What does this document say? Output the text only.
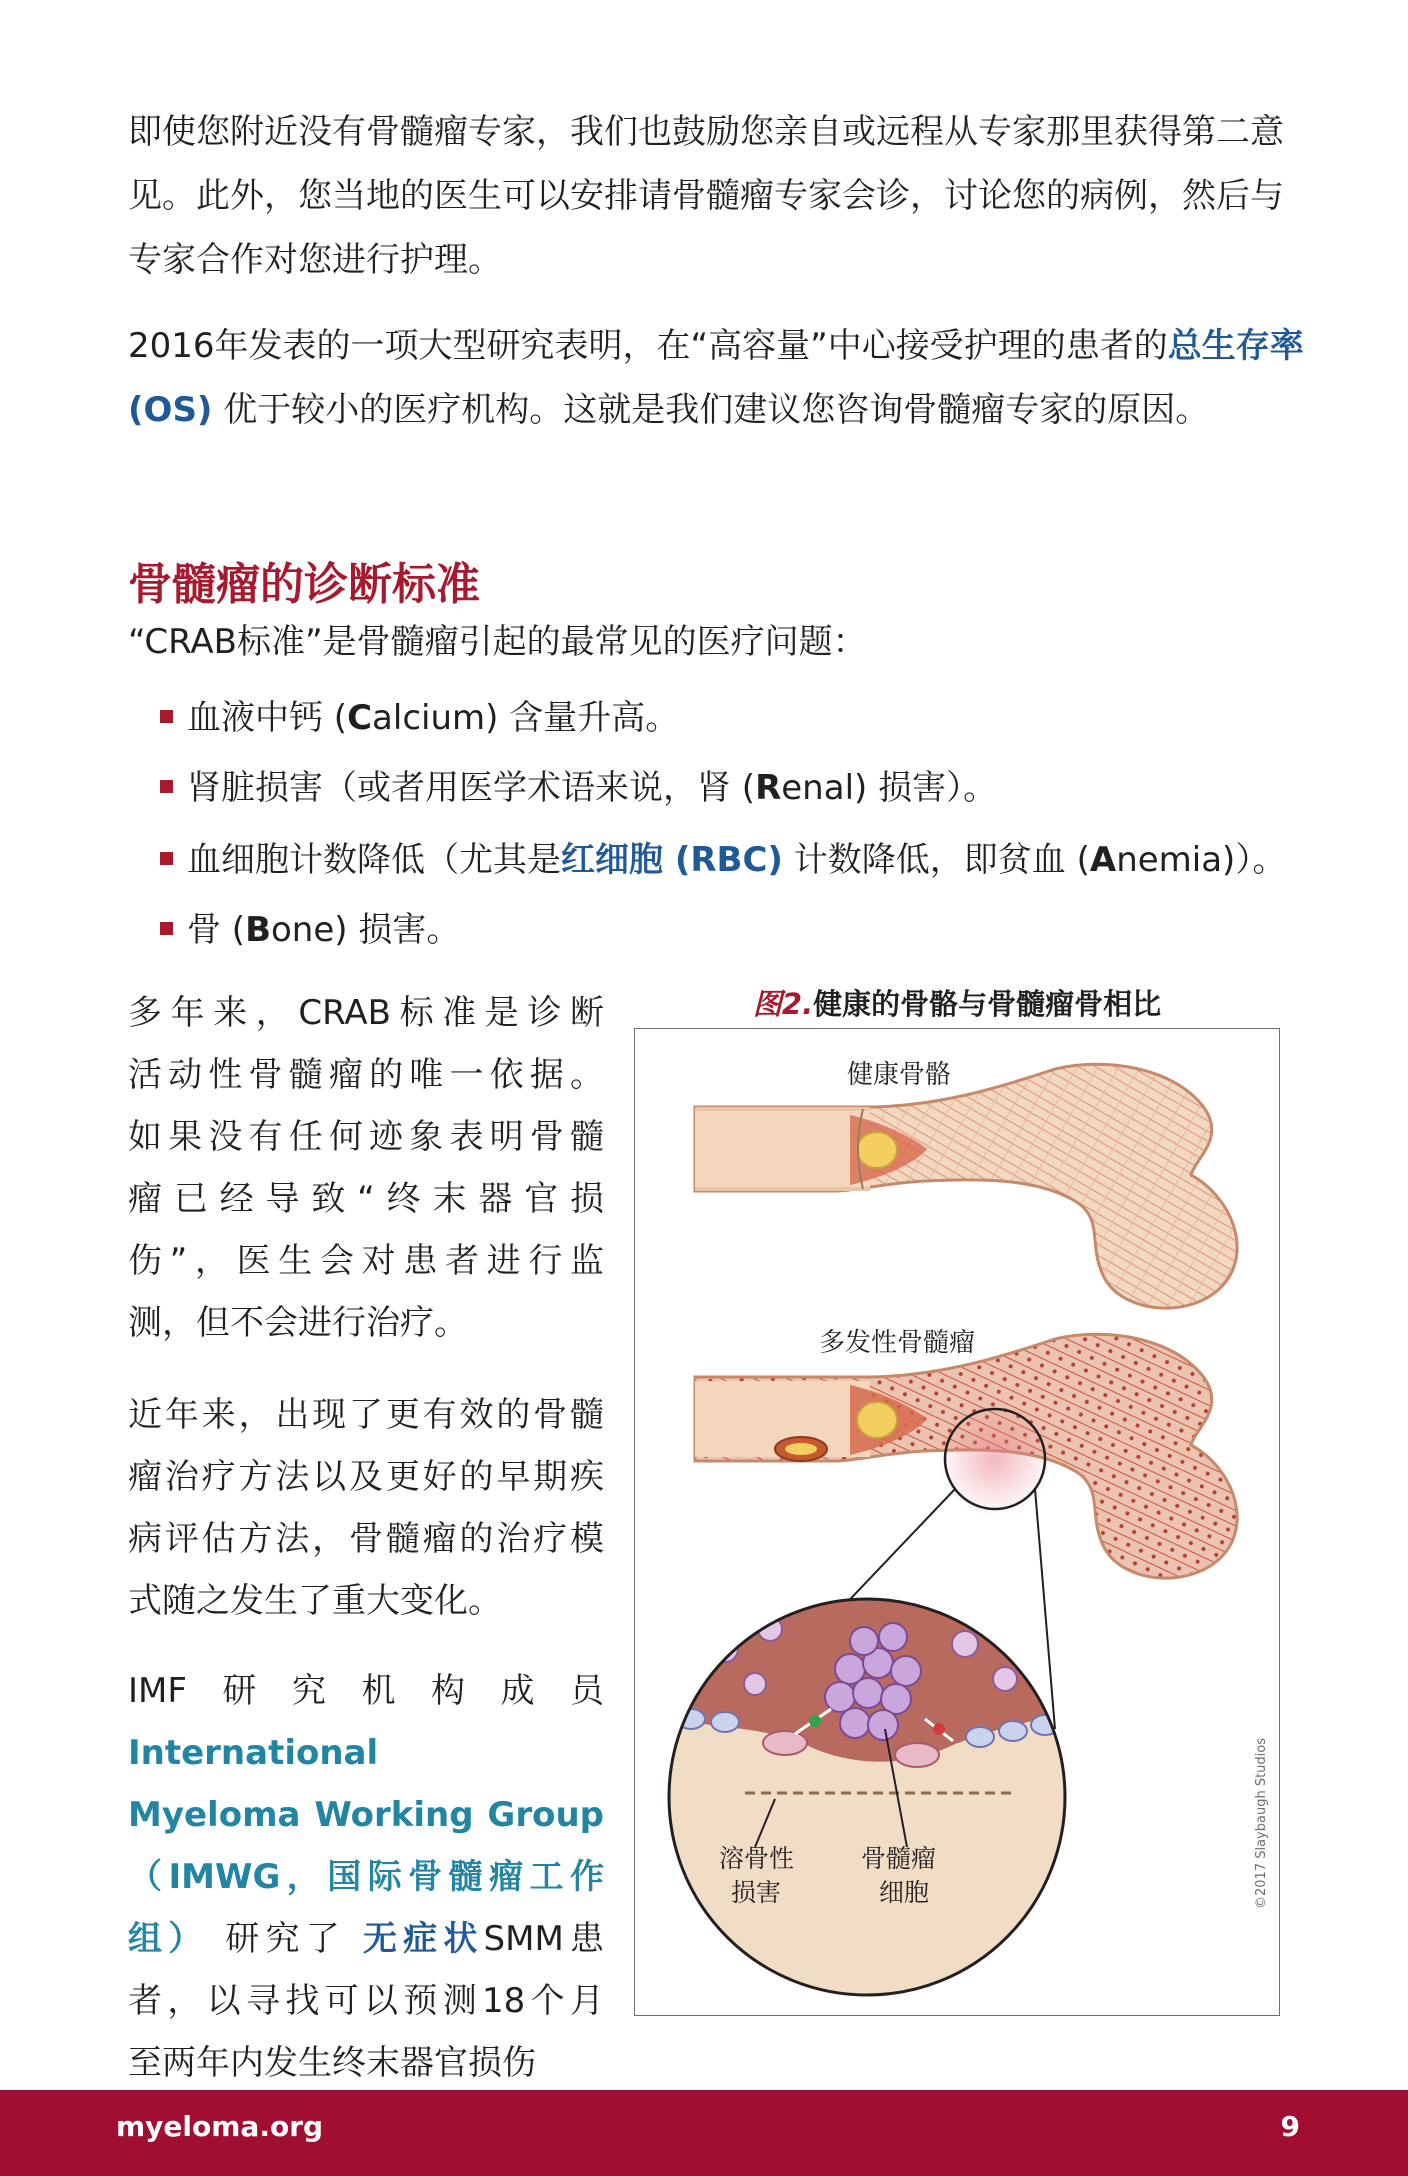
即使您附近没有骨髓瘤专家，我们也鼓励您亲自或远程从专家那里获得第二意见。此外，您当地的医生可以安排请骨髓瘤专家会诊，讨论您的病例，然后与专家合作对您进行护理。
2016年发表的一项大型研究表明，在“高容量”中心接受护理的患者的总生存率 (OS) 优于较小的医疗机构。这就是我们建议您咨询骨髓瘤专家的原因。
骨髓瘤的诊断标准
“CRAB标准”是骨髓瘤引起的最常见的医疗问题：
血液中钙 (Calcium) 含量升高。
肾脏损害（或者用医学术语来说，肾 (Renal) 损害）。
血细胞计数降低（尤其是红细胞 (RBC) 计数降低，即贫血 (Anemia)）。
骨 (Bone) 损害。

多年来，CRAB标准是诊断

活动性骨髓瘤的唯一依据。

如果没有任何迹象表明骨髓

瘤已经导致“终末器官损

伤”，医生会对患者进行监

测，但不会进行治疗。

近年来，出现了更有效的骨髓

瘤治疗方法以及更好的早期疾

病评估方法，骨髓瘤的治疗模

式随之发生了重大变化。

IMF研究机构成员International

Myeloma Working Group

（IMWG，国际骨髓瘤工作

组） 研究了 无症状SMM患

者，以寻找可以预测18个月

至两年内发生终末器官损伤

图2.健康的骨骼与骨髓瘤骨相比
健康骨骼
多发性骨髓瘤
溶骨性
损害
骨髓瘤
细胞	©2017 Slaybaugh Studios
myeloma.org	9
